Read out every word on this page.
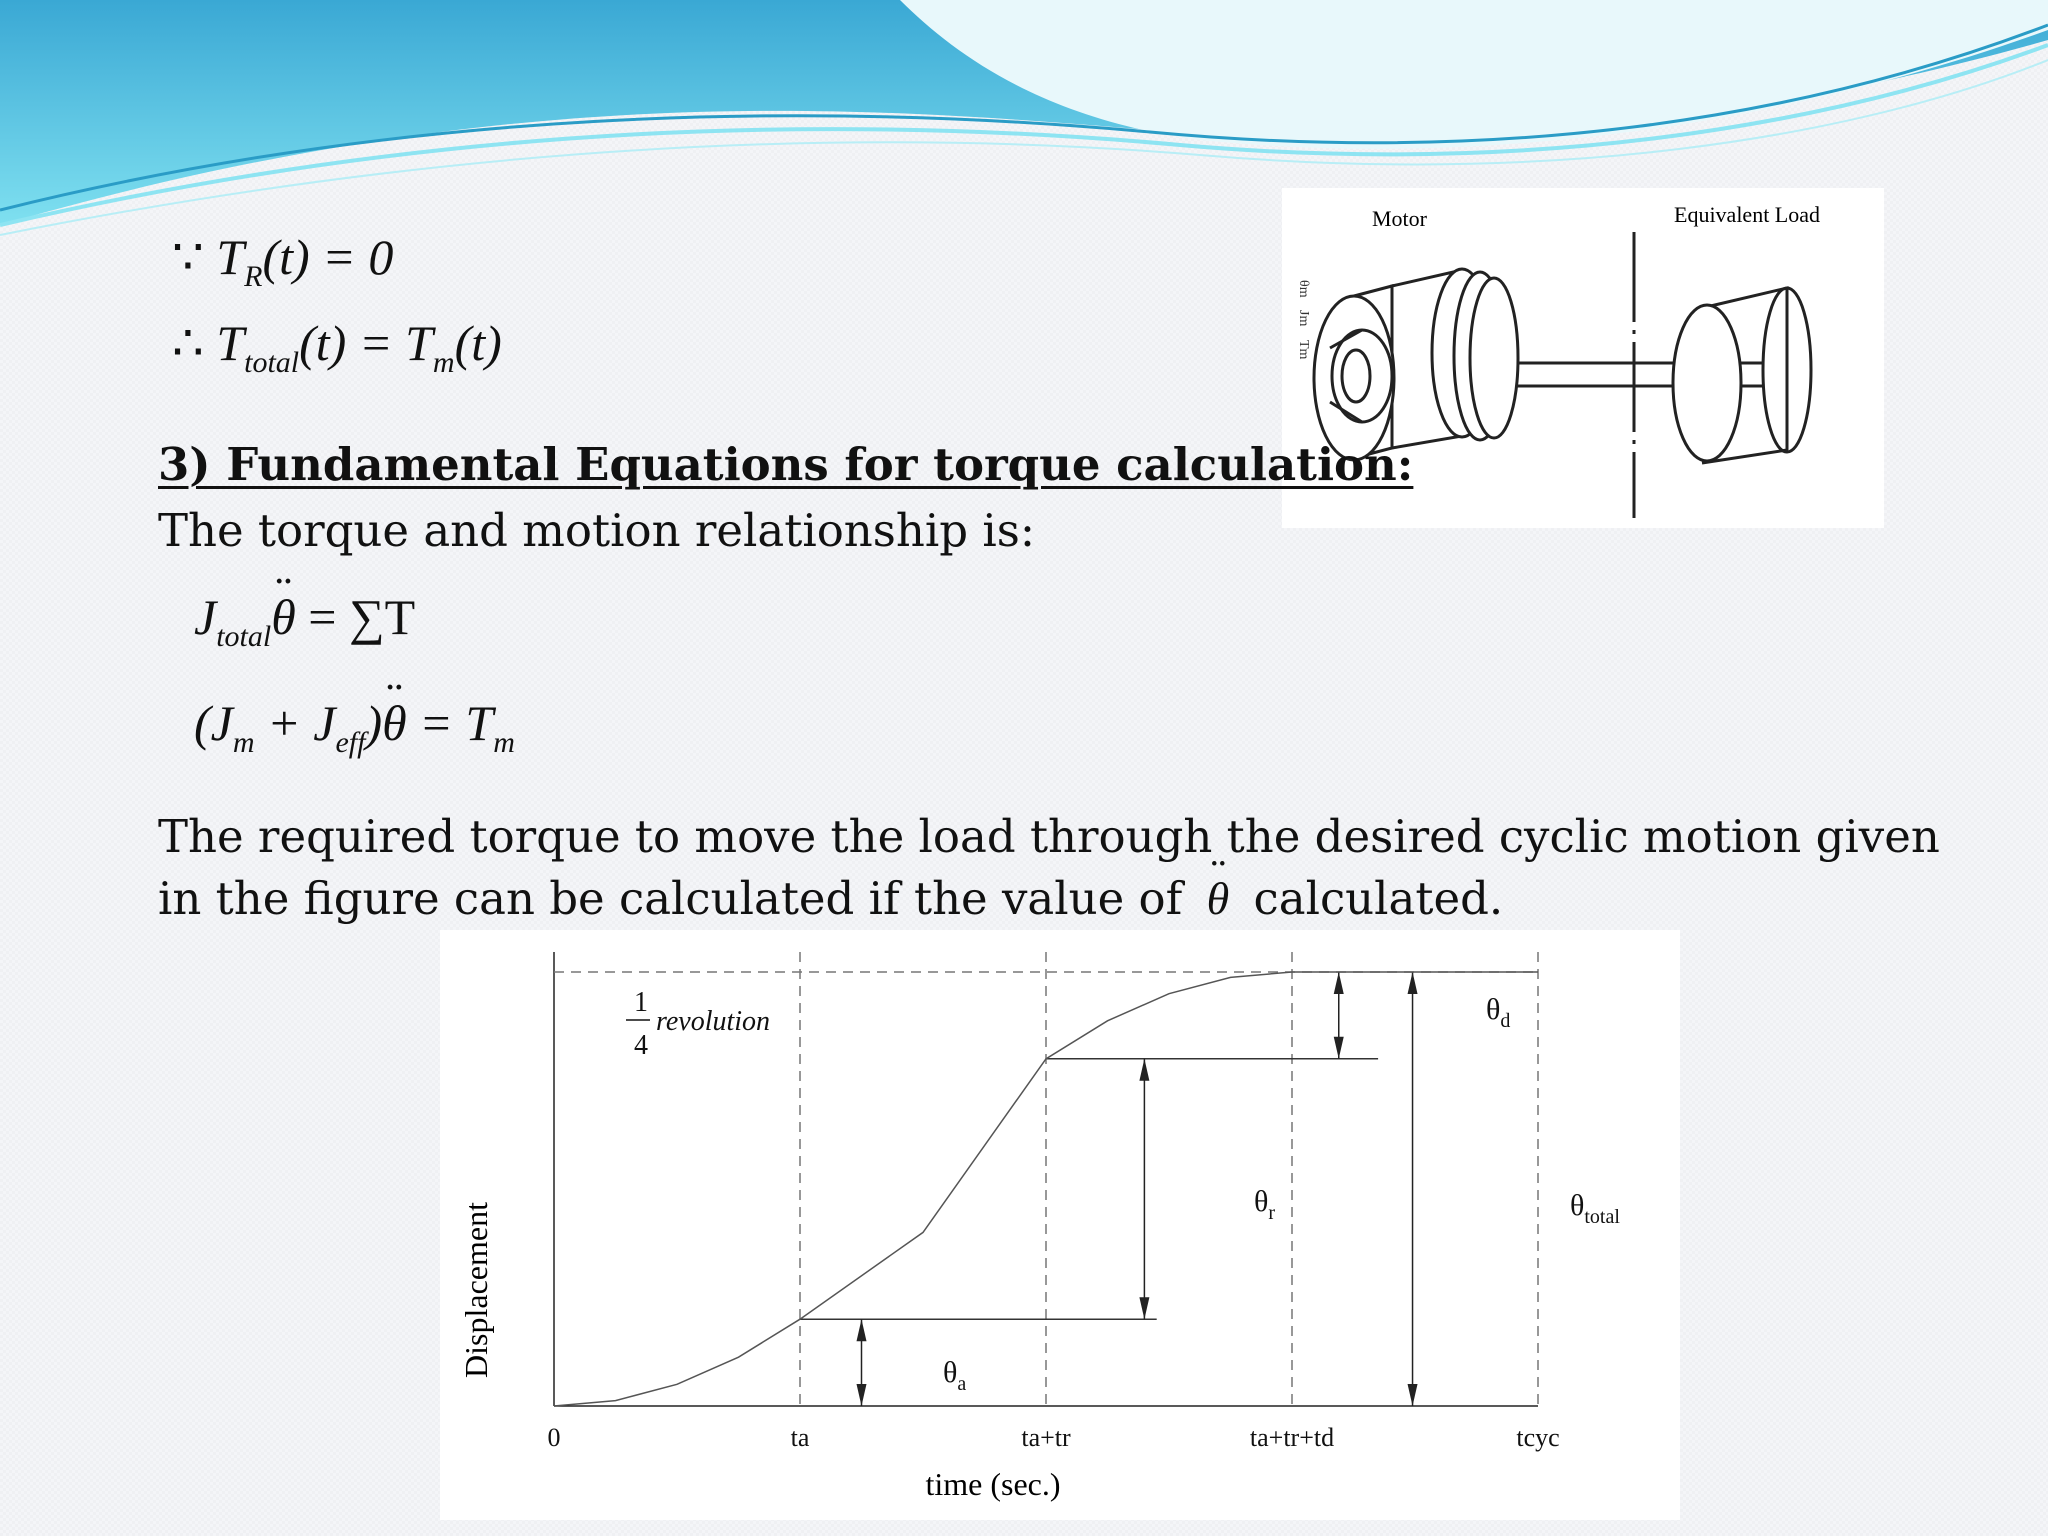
∵ $T_R(t) = 0$
∴ $T_{total}(t) = T_m(t)$
Motor	Equivalent Load
θm
Jm
Tm
3) Fundamental Equations for torque calculation:
The torque and motion relationship is:
$J_{total}¨$ θ = ∑T
($J_m$ + $J_{eff})¨$ $\theta = T_m$
The required torque to move the load through the desired cyclic motion given
in the figure can be calculated if the value of ¨ θ calculated.
0	ta	ta+tr	ta+tr+td	tcyc
Displacement
time (sec.)
1
4
revolution
$\theta_a$
$\theta_r$
$\theta_d$
$\theta_{total}$
